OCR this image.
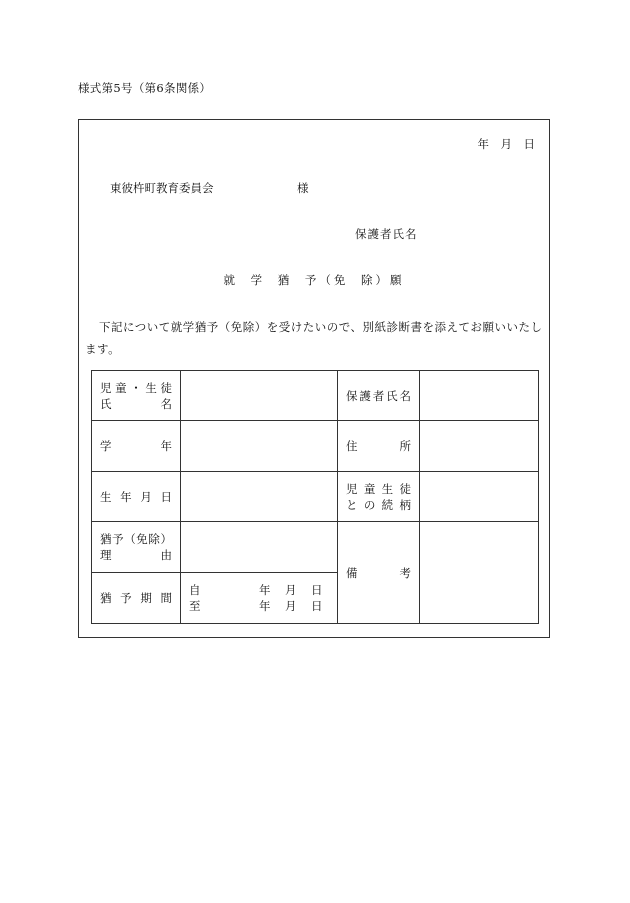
様式第5号（第6条関係）
年　月　日
東彼杵町教育委員会	様
保護者氏名
就 学 猶 予（免 除）願
下記について就学猶予（免除）を受けたいので、別紙診断書を添えてお願いいたします。
児童・生徒
氏名		保護者氏名	

学年		住所	

生年月日		児童生徒
との続柄	

猶予（免除）
理由		備考	

猶予期間	自 年 月 日
至 年 月 日		
